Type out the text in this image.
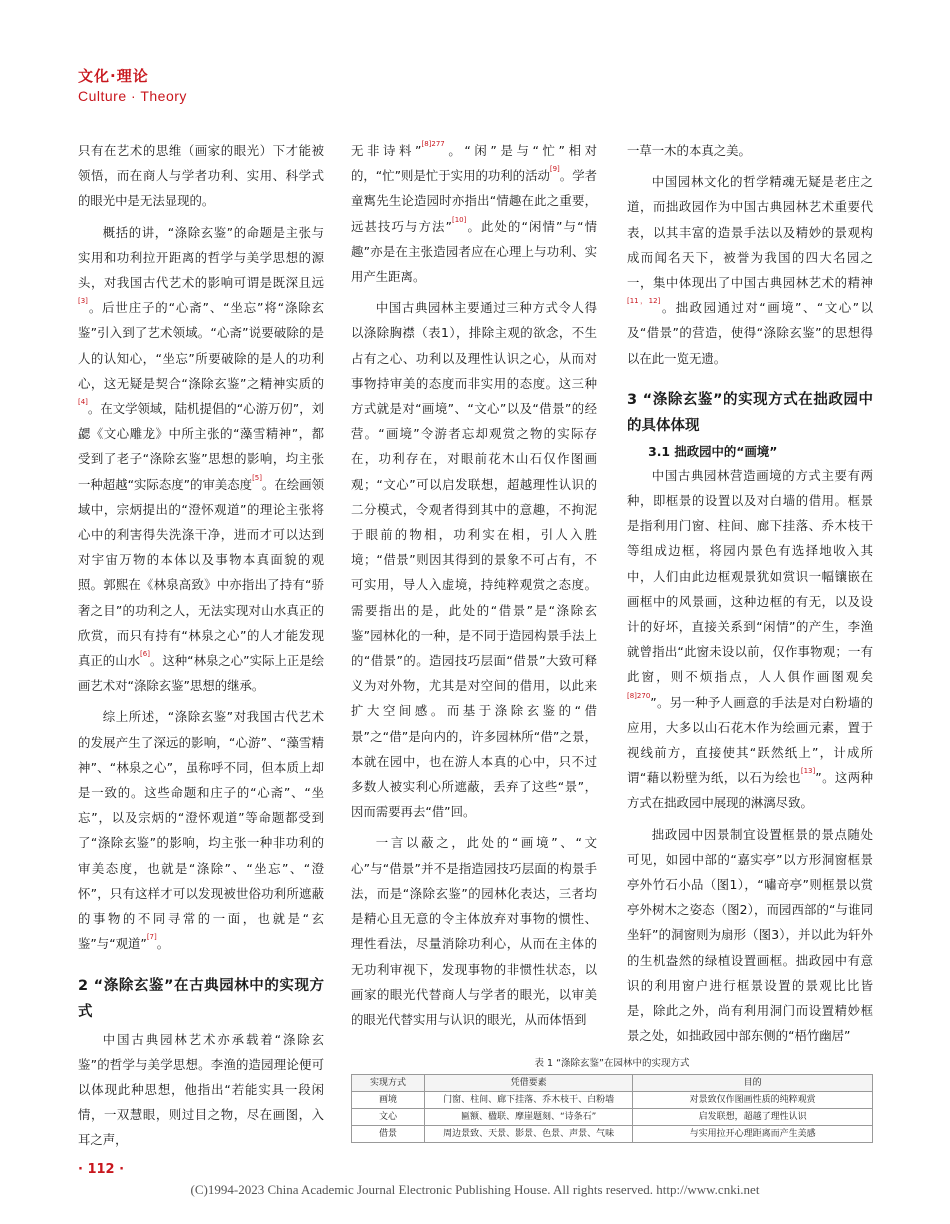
文化·理论
Culture · Theory

只有在艺术的思维（画家的眼光）下才能被领悟，而在商人与学者功利、实用、科学式的眼光中是无法显现的。

概括的讲，“涤除玄鉴”的命题是主张与实用和功利拉开距离的哲学与美学思想的源头，对我国古代艺术的影响可谓是既深且远[3]。后世庄子的“心斋”、“坐忘”将“涤除玄鉴”引入到了艺术领域。“心斋”说要破除的是人的认知心，“坐忘”所要破除的是人的功利心，这无疑是契合“涤除玄鉴”之精神实质的[4]。在文学领域，陆机提倡的“心游万仞”，刘勰《文心雕龙》中所主张的“藻雪精神”，都受到了老子“涤除玄鉴”思想的影响，均主张一种超越“实际态度”的审美态度[5]。在绘画领域中，宗炳提出的“澄怀观道”的理论主张将心中的利害得失洗涤干净，进而才可以达到对宇宙万物的本体以及事物本真面貌的观照。郭熙在《林泉高致》中亦指出了持有“骄奢之目”的功利之人，无法实现对山水真正的欣赏，而只有持有“林泉之心”的人才能发现真正的山水[6]。这种“林泉之心”实际上正是绘画艺术对“涤除玄鉴”思想的继承。

综上所述，“涤除玄鉴”对我国古代艺术的发展产生了深远的影响，“心游”、“藻雪精神”、“林泉之心”，虽称呼不同，但本质上却是一致的。这些命题和庄子的“心斋”、“坐忘”，以及宗炳的“澄怀观道”等命题都受到了“涤除玄鉴”的影响，均主张一种非功利的审美态度，也就是“涤除”、“坐忘”、“澄怀”，只有这样才可以发现被世俗功利所遮蔽的事物的不同寻常的一面，也就是“玄鉴”与“观道”[7]。

2 “涤除玄鉴”在古典园林中的实现方式

中国古典园林艺术亦承载着“涤除玄鉴”的哲学与美学思想。李渔的造园理论便可以体现此种思想，他指出“若能实具一段闲情，一双慧眼，则过目之物，尽在画图，入耳之声，

无非诗料”$^{[8]277}$。“闲”是与“忙”相对的，“忙”则是忙于实用的功利的活动[9]。学者童寯先生论造园时亦指出“情趣在此之重要，远甚技巧与方法”[10]。此处的“闲情”与“情趣”亦是在主张造园者应在心理上与功利、实用产生距离。

中国古典园林主要通过三种方式令人得以涤除胸襟（表1），排除主观的欲念，不生占有之心、功利以及理性认识之心，从而对事物持审美的态度而非实用的态度。这三种方式就是对“画境”、“文心”以及“借景”的经营。“画境”令游者忘却观赏之物的实际存在，功利存在，对眼前花木山石仅作图画观；“文心”可以启发联想，超越理性认识的二分模式，令观者得到其中的意趣，不拘泥于眼前的物相，功利实在相，引人入胜境；“借景”则因其得到的景象不可占有，不可实用，导人入虚境，持纯粹观赏之态度。需要指出的是，此处的“借景”是“涤除玄鉴”园林化的一种，是不同于造园构景手法上的“借景”的。造园技巧层面“借景”大致可释义为对外物，尤其是对空间的借用，以此来扩大空间感。而基于涤除玄鉴的“借景”之“借”是向内的，许多园林所“借”之景，本就在园中，也在游人本真的心中，只不过多数人被实利心所遮蔽，丢弃了这些“景”，因而需要再去“借”回。

一言以蔽之，此处的“画境”、“文心”与“借景”并不是指造园技巧层面的构景手法，而是“涤除玄鉴”的园林化表达，三者均是精心且无意的令主体放弃对事物的惯性、理性看法，尽量消除功利心，从而在主体的无功利审视下，发现事物的非惯性状态，以画家的眼光代替商人与学者的眼光，以审美的眼光代替实用与认识的眼光，从而体悟到

一草一木的本真之美。

中国园林文化的哲学精魂无疑是老庄之道，而拙政园作为中国古典园林艺术重要代表，以其丰富的造景手法以及精妙的景观构成而闻名天下，被誉为我国的四大名园之一，集中体现出了中国古典园林艺术的精神[11，12]。拙政园通过对“画境”、“文心”以及“借景”的营造，使得“涤除玄鉴”的思想得以在此一览无遗。

3 “涤除玄鉴”的实现方式在拙政园中的具体体现
3.1 拙政园中的“画境”

中国古典园林营造画境的方式主要有两种，即框景的设置以及对白墙的借用。框景是指利用门窗、柱间、廊下挂落、乔木枝干等组成边框，将园内景色有选择地收入其中，人们由此边框观景犹如赏识一幅镶嵌在画框中的风景画，这种边框的有无，以及设计的好坏，直接关系到“闲情”的产生，李渔就曾指出“此窗未设以前，仅作事物观；一有此窗，则不烦指点，人人俱作画图观矣$^{[8]270}$”。另一种予人画意的手法是对白粉墙的应用，大多以山石花木作为绘画元素，置于视线前方，直接使其“跃然纸上”，计成所谓“藉以粉壁为纸，以石为绘也[13]”。这两种方式在拙政园中展现的淋漓尽致。

拙政园中因景制宜设置框景的景点随处可见，如园中部的“嘉实亭”以方形洞窗框景亭外竹石小品（图1），“嘯竒亭”则框景以赏亭外树木之姿态（图2），而园西部的“与谁同坐轩”的洞窗则为扇形（图3），并以此为轩外的生机盎然的绿植设置画框。拙政园中有意识的利用窗户进行框景设置的景观比比皆是，除此之外，尚有利用洞门而设置精妙框景之处，如拙政园中部东侧的“梧竹幽居”

表 1 “涤除玄鉴”在园林中的实现方式
实现方式	凭借要素	目的
画境	门窗、柱间、廊下挂落、乔木枝干、白粉墙	对景致仅作图画性质的纯粹观赏
文心	匾额、楹联、摩崖题刻、“诗条石”	启发联想，超越了理性认识
借景	周边景致、天景、影景、色景、声景、气味	与实用拉开心理距离而产生美感
· 112 ·
(C)1994-2023 China Academic Journal Electronic Publishing House. All rights reserved. http://www.cnki.net
